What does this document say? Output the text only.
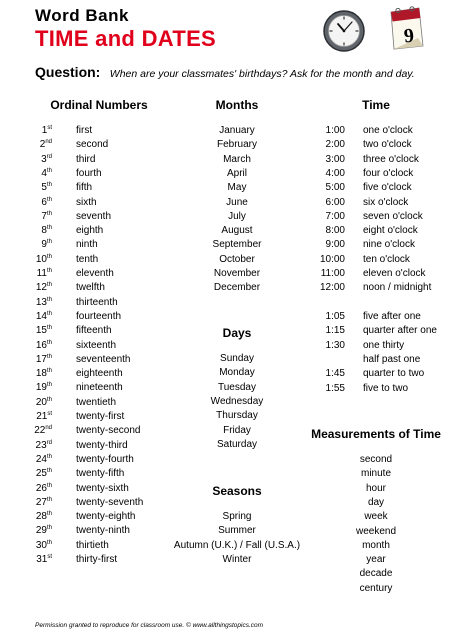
Word Bank
TIME and DATES
Question: When are your classmates' birthdays? Ask for the month and day.
9
Ordinal Numbers	Months	Time
Days
Seasons
Measurements of Time
1st first
2nd second
3rd third
4th fourth
5th fifth
6th sixth
7th seventh
8th eighth
9th ninth
10th tenth
11th eleventh
12th twelfth
13th thirteenth
14th fourteenth
15th fifteenth
16th sixteenth
17th seventeenth
18th eighteenth
19th nineteenth
20th twentieth
21st twenty-first
22nd twenty-second
23rd twenty-third
24th twenty-fourth
25th twenty-fifth
26th twenty-sixth
27th twenty-seventh
28th twenty-eighth
29th twenty-ninth
30th thirtieth
31st thirty-first
January
February
March
April
May
June
July
August
September
October
November
December
Sunday
Monday
Tuesday
Wednesday
Thursday
Friday
Saturday
Spring
Summer
Autumn (U.K.) / Fall (U.S.A.)
Winter
1:00 one o'clock
2:00 two o'clock
3:00 three o'clock
4:00 four o'clock
5:00 five o'clock
6:00 six o'clock
7:00 seven o'clock
8:00 eight o'clock
9:00 nine o'clock
10:00 ten o'clock
11:00 eleven o'clock
12:00 noon / midnight
1:05 five after one
1:15 quarter after one
1:30 one thirty
half past one
1:45 quarter to two
1:55 five to two
second
minute
hour
day
week
weekend
month
year
decade
century
Permission granted to reproduce for classroom use. © www.allthingstopics.com
